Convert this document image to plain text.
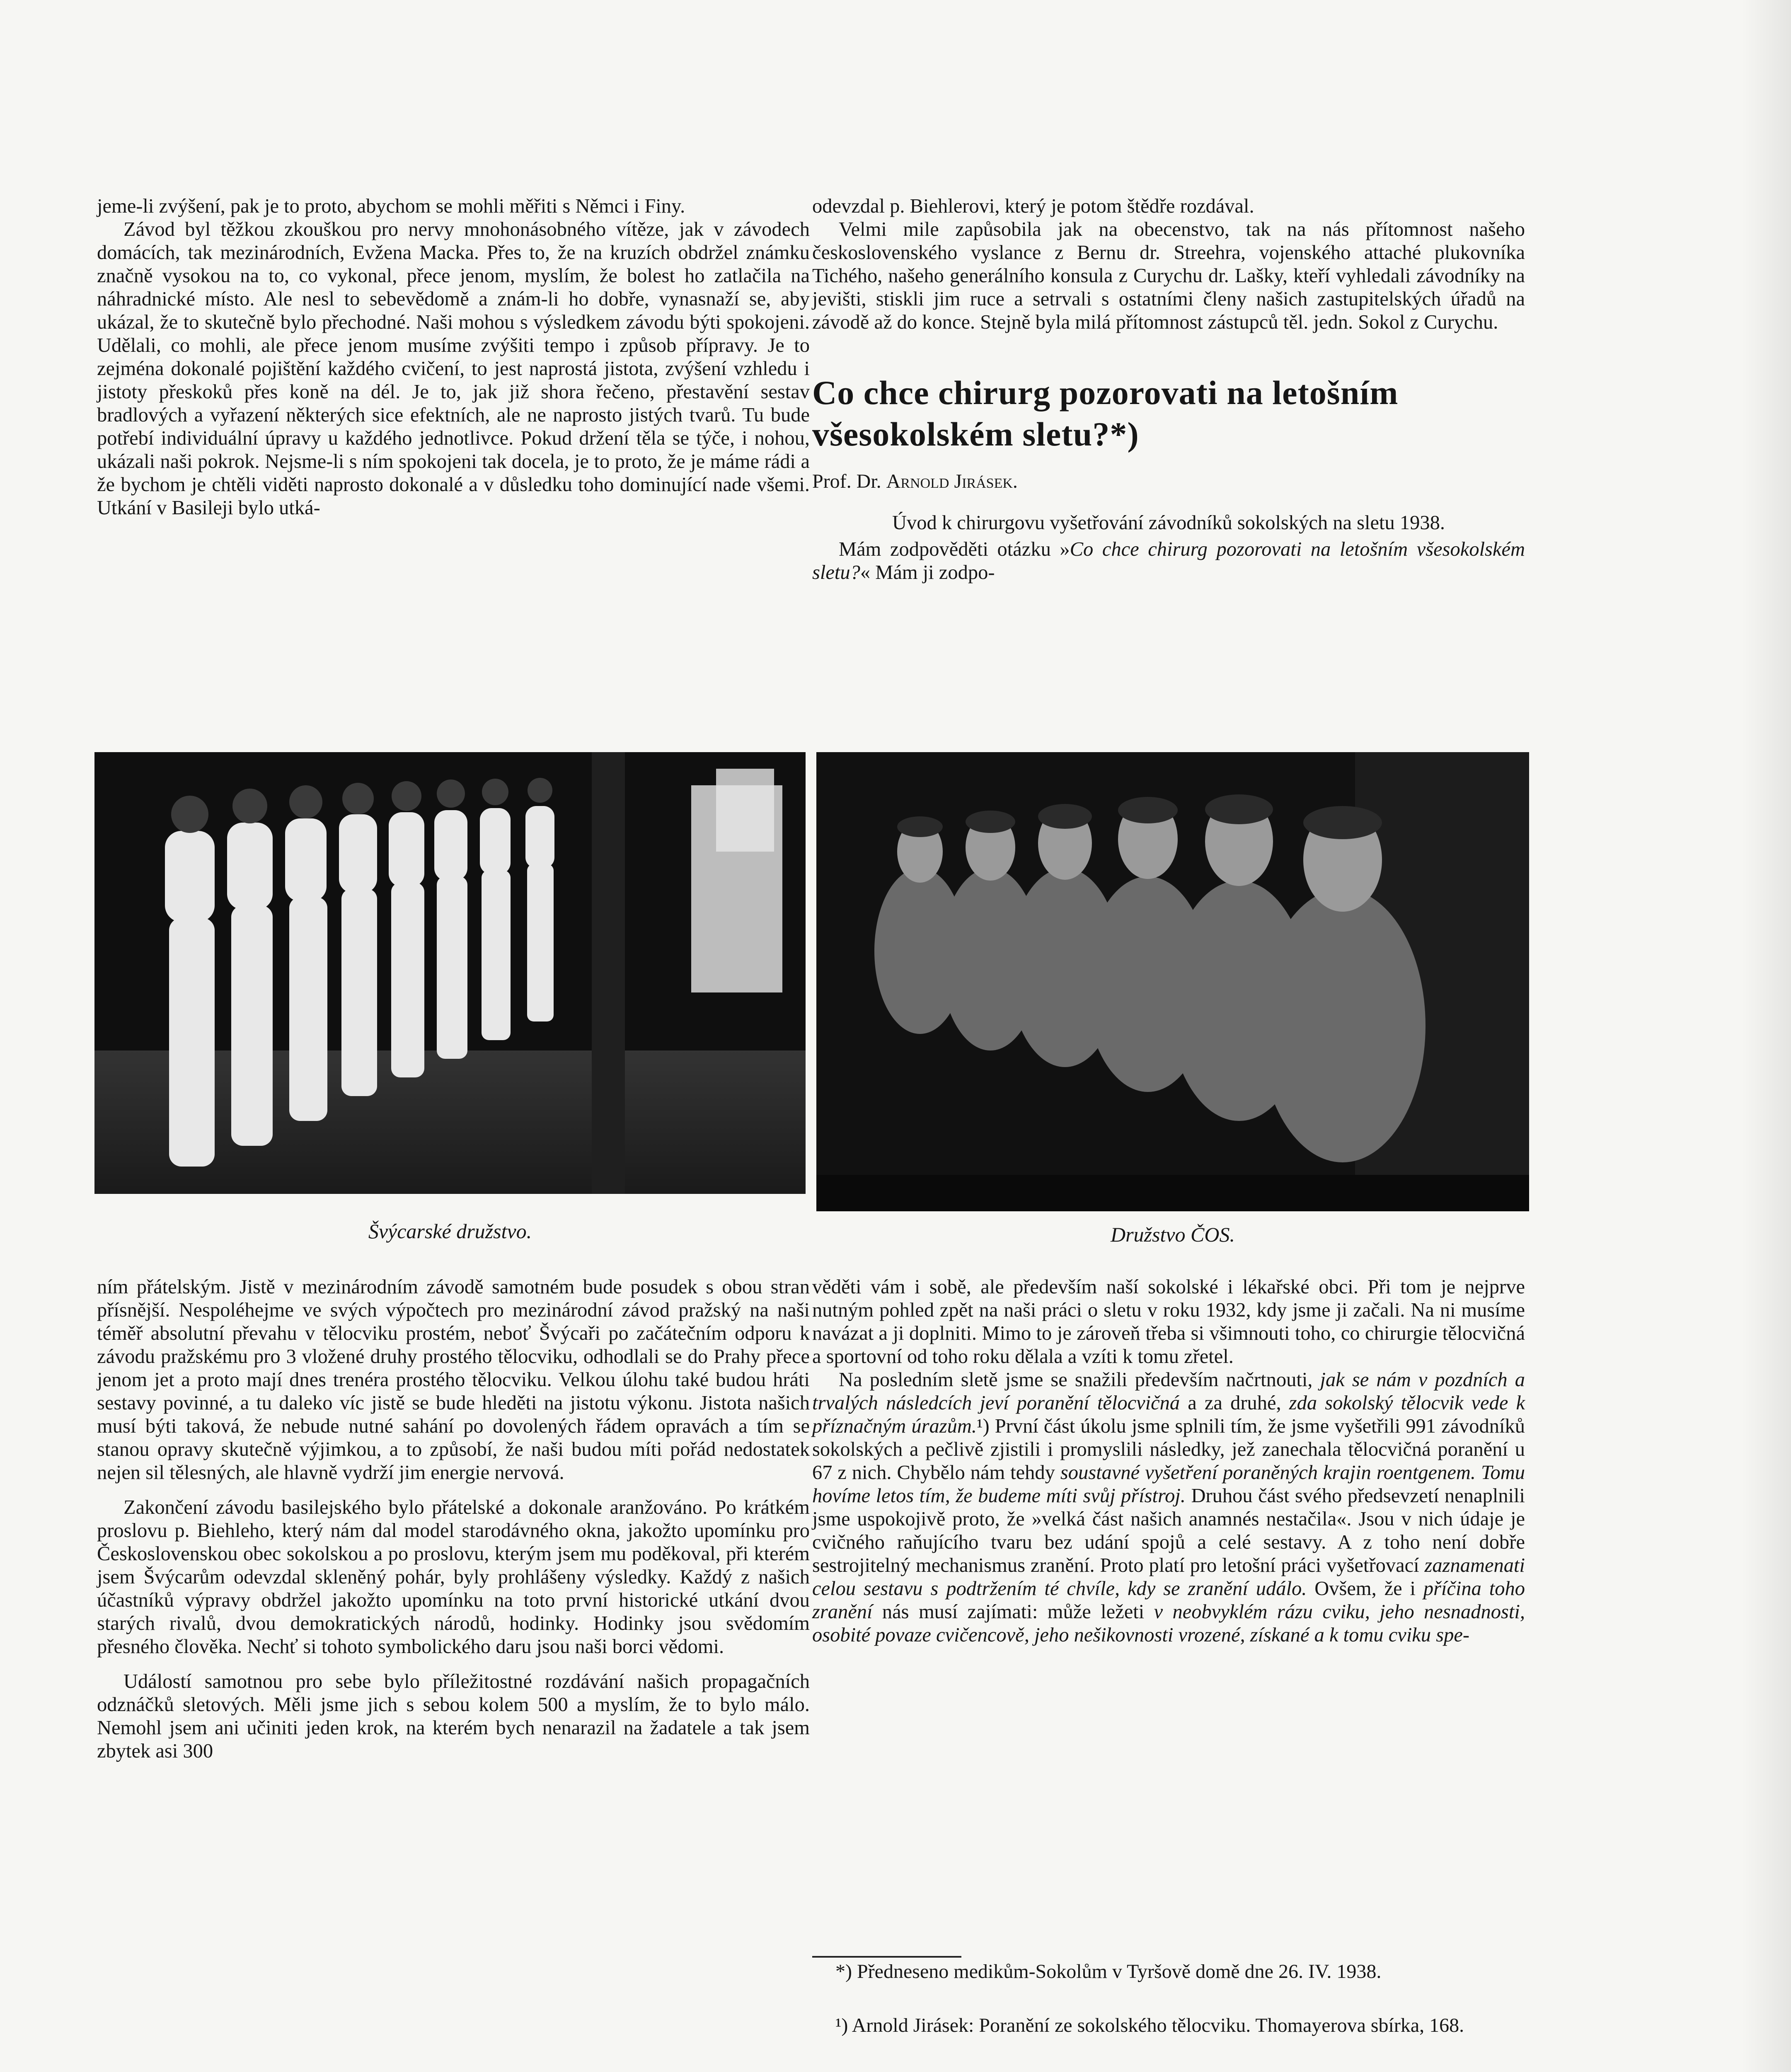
jeme-li zvýšení, pak je to proto, abychom se mohli měřiti s Němci i Finy.

Závod byl těžkou zkouškou pro nervy mnohonásobného vítěze, jak v závodech domácích, tak mezinárodních, Evžena Macka. Přes to, že na kruzích obdržel známku značně vysokou na to, co vykonal, přece jenom, myslím, že bolest ho zatlačila na náhradnické místo. Ale nesl to sebevědomě a znám-li ho dobře, vynasnaží se, aby ukázal, že to skutečně bylo přechodné. Naši mohou s výsledkem závodu býti spokojeni. Udělali, co mohli, ale přece jenom musíme zvýšiti tempo i způsob přípravy. Je to zejména dokonalé pojištění každého cvičení, to jest naprostá jistota, zvýšení vzhledu i jistoty přeskoků přes koně na dél. Je to, jak již shora řečeno, přestavění sestav bradlových a vyřazení některých sice efektních, ale ne naprosto jistých tvarů. Tu bude potřebí individuální úpravy u každého jednotlivce. Pokud držení těla se týče, i nohou, ukázali naši pokrok. Nejsme-li s ním spokojeni tak docela, je to proto, že je máme rádi a že bychom je chtěli viděti naprosto dokonalé a v důsledku toho dominující nade všemi. Utkání v Basileji bylo utká-

odevzdal p. Biehlerovi, který je potom štědře rozdával.

Velmi mile zapůsobila jak na obecenstvo, tak na nás přítomnost našeho československého vyslance z Bernu dr. Streehra, vojenského attaché plukovníka Tichého, našeho generálního konsula z Curychu dr. Lašky, kteří vyhledali závodníky na jevišti, stiskli jim ruce a setrvali s ostatními členy našich zastupitelských úřadů na závodě až do konce. Stejně byla milá přítomnost zástupců těl. jedn. Sokol z Curychu.

Co chce chirurg pozorovati na letošním všesokolském sletu?*)

Prof. Dr. Arnold Jirásek.

Úvod k chirurgovu vyšetřování závodníků sokolských na sletu 1938.

Mám zodpověděti otázku »Co chce chirurg pozorovati na letošním všesokolském sletu?« Mám ji zodpo-

Švýcarské družstvo.	Družstvo ČOS.

ním přátelským. Jistě v mezinárodním závodě samotném bude posudek s obou stran přísnější. Nespoléhejme ve svých výpočtech pro mezinárodní závod pražský na naši téměř absolutní převahu v tělocviku prostém, neboť Švýcaři po začátečním odporu k závodu pražskému pro 3 vložené druhy prostého tělocviku, odhodlali se do Prahy přece jenom jet a proto mají dnes trenéra prostého tělocviku. Velkou úlohu také budou hráti sestavy povinné, a tu daleko víc jistě se bude hleděti na jistotu výkonu. Jistota našich musí býti taková, že nebude nutné sahání po dovolených řádem opravách a tím se stanou opravy skutečně výjimkou, a to způsobí, že naši budou míti pořád nedostatek nejen sil tělesných, ale hlavně vydrží jim energie nervová.

Zakončení závodu basilejského bylo přátelské a dokonale aranžováno. Po krátkém proslovu p. Biehleho, který nám dal model starodávného okna, jakožto upomínku pro Československou obec sokolskou a po proslovu, kterým jsem mu poděkoval, při kterém jsem Švýcarům odevzdal skleněný pohár, byly prohlášeny výsledky. Každý z našich účastníků výpravy obdržel jakožto upomínku na toto první historické utkání dvou starých rivalů, dvou demokratických národů, hodinky. Hodinky jsou svědomím přesného člověka. Nechť si tohoto symbolického daru jsou naši borci vědomi.

Událostí samotnou pro sebe bylo příležitostné rozdávání našich propagačních odznáčků sletových. Měli jsme jich s sebou kolem 500 a myslím, že to bylo málo. Nemohl jsem ani učiniti jeden krok, na kterém bych nenarazil na žadatele a tak jsem zbytek asi 300

věděti vám i sobě, ale především naší sokolské i lékařské obci. Při tom je nejprve nutným pohled zpět na naši práci o sletu v roku 1932, kdy jsme ji začali. Na ni musíme navázat a ji doplniti. Mimo to je zároveň třeba si všimnouti toho, co chirurgie tělocvičná a sportovní od toho roku dělala a vzíti k tomu zřetel.

Na posledním sletě jsme se snažili především načrtnouti, jak se nám v pozdních a trvalých následcích jeví poranění tělocvičná a za druhé, zda sokolský tělocvik vede k příznačným úrazům.¹) První část úkolu jsme splnili tím, že jsme vyšetřili 991 závodníků sokolských a pečlivě zjistili i promyslili následky, jež zanechala tělocvičná poranění u 67 z nich. Chybělo nám tehdy soustavné vyšetření poraněných krajin roentgenem. Tomu hovíme letos tím, že budeme míti svůj přístroj. Druhou část svého předsevzetí nenaplnili jsme uspokojivě proto, že »velká část našich anamnés nestačila«. Jsou v nich údaje je cvičného raňujícího tvaru bez udání spojů a celé sestavy. A z toho není dobře sestrojitelný mechanismus zranění. Proto platí pro letošní práci vyšetřovací zaznamenati celou sestavu s podtržením té chvíle, kdy se zranění událo. Ovšem, že i příčina toho zranění nás musí zajímati: může ležeti v neobvyklém rázu cviku, jeho nesnadnosti, osobité povaze cvičencově, jeho nešikovnosti vrozené, získané a k tomu cviku spe-

*) Předneseno medikům-Sokolům v Tyršově domě dne 26. IV. 1938.
¹) Arnold Jirásek: Poranění ze sokolského tělocviku. Thomayerova sbírka, 168.
